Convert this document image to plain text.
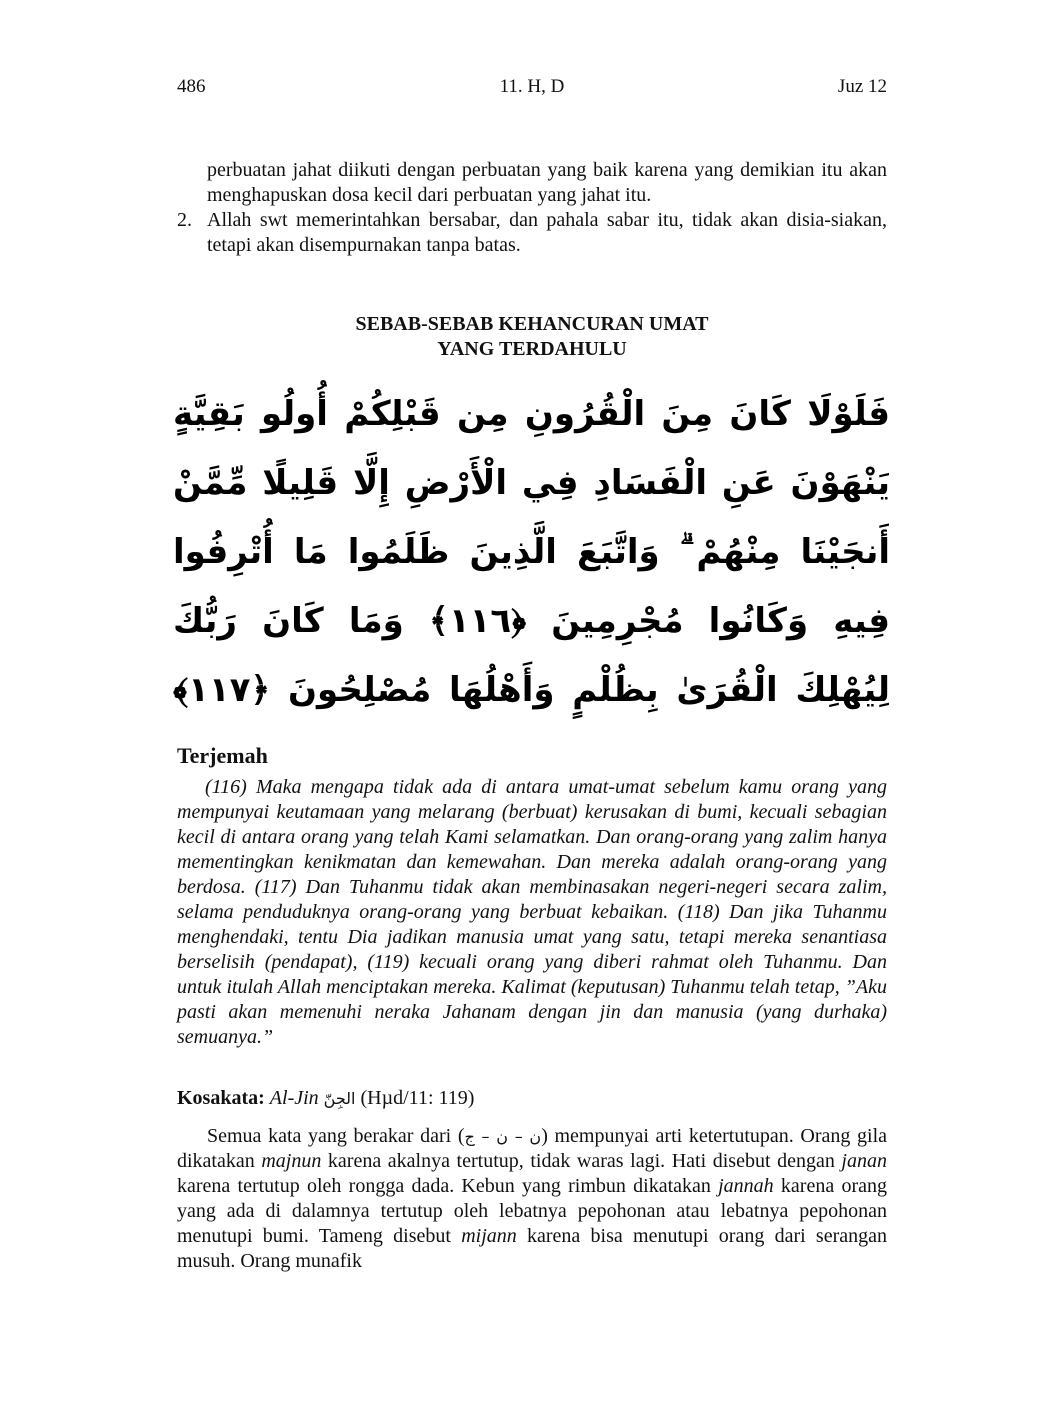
486	11. H, D	Juz 12

perbuatan jahat diikuti dengan perbuatan yang baik karena yang demikian itu akan menghapuskan dosa kecil dari perbuatan yang jahat itu.

2. Allah swt memerintahkan bersabar, dan pahala sabar itu, tidak akan disia-siakan, tetapi akan disempurnakan tanpa batas.
SEBAB-SEBAB KEHANCURAN UMAT
YANG TERDAHULU
فَلَوْلَا كَانَ مِنَ الْقُرُونِ مِن قَبْلِكُمْ أُولُو بَقِيَّةٍ يَنْهَوْنَ عَنِ الْفَسَادِ فِي الْأَرْضِ إِلَّا قَلِيلًا مِّمَّنْ أَنجَيْنَا مِنْهُمْ ۗ وَاتَّبَعَ الَّذِينَ ظَلَمُوا مَا أُتْرِفُوا فِيهِ وَكَانُوا مُجْرِمِينَ ﴿١١٦﴾ وَمَا كَانَ رَبُّكَ لِيُهْلِكَ الْقُرَىٰ بِظُلْمٍ وَأَهْلُهَا مُصْلِحُونَ ﴿١١٧﴾
Terjemah

(116) Maka mengapa tidak ada di antara umat-umat sebelum kamu orang yang mempunyai keutamaan yang melarang (berbuat) kerusakan di bumi, kecuali sebagian kecil di antara orang yang telah Kami selamatkan. Dan orang-orang yang zalim hanya mementingkan kenikmatan dan kemewahan. Dan mereka adalah orang-orang yang berdosa. (117) Dan Tuhanmu tidak akan membinasakan negeri-negeri secara zalim, selama penduduknya orang-orang yang berbuat kebaikan. (118) Dan jika Tuhanmu menghendaki, tentu Dia jadikan manusia umat yang satu, tetapi mereka senantiasa berselisih (pendapat), (119) kecuali orang yang diberi rahmat oleh Tuhanmu. Dan untuk itulah Allah menciptakan mereka. Kalimat (keputusan) Tuhanmu telah tetap, ”Aku pasti akan memenuhi neraka Jahanam dengan jin dan manusia (yang durhaka) semuanya.”

Kosakata: Al-Jin الجِنّ (Hµd/11: 119)

Semua kata yang berakar dari (ن – ن – ج) mempunyai arti ketertutupan. Orang gila dikatakan majnun karena akalnya tertutup, tidak waras lagi. Hati disebut dengan janan karena tertutup oleh rongga dada. Kebun yang rimbun dikatakan jannah karena orang yang ada di dalamnya tertutup oleh lebatnya pepohonan atau lebatnya pepohonan menutupi bumi. Tameng disebut mijann karena bisa menutupi orang dari serangan musuh. Orang munafik
